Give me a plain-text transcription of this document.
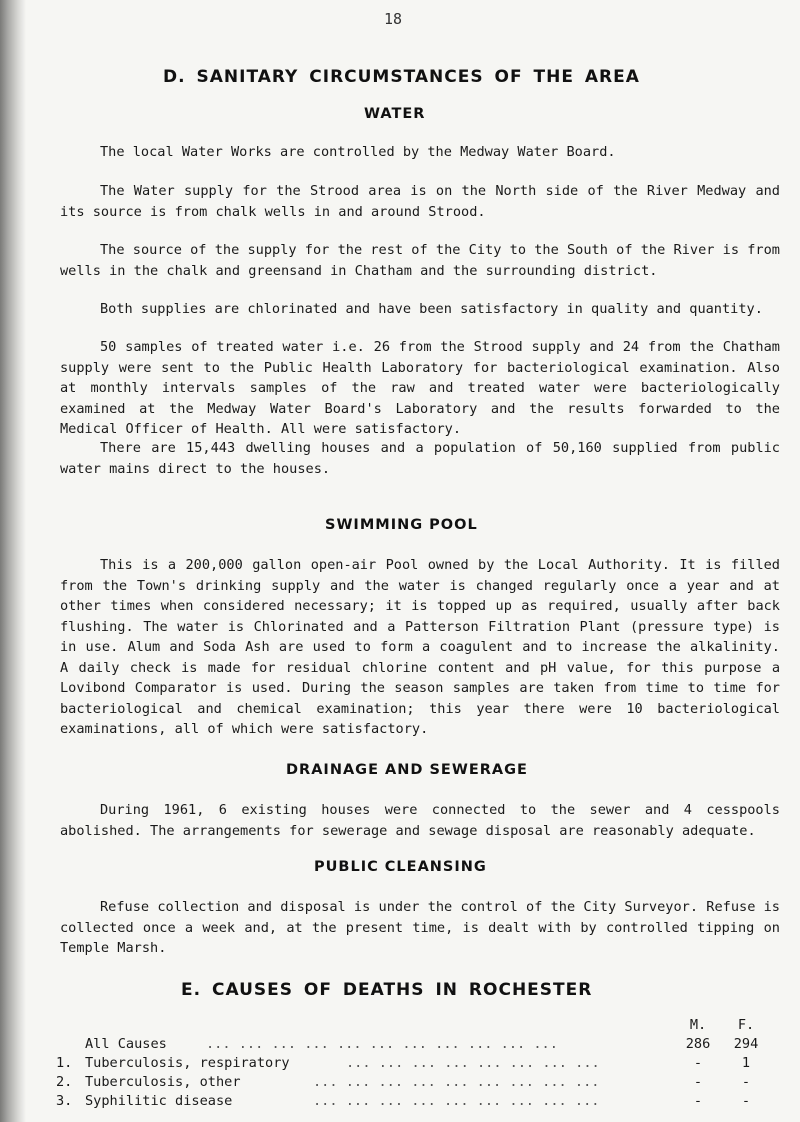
18
D. SANITARY CIRCUMSTANCES OF THE AREA
WATER

The local Water Works are controlled by the Medway Water Board.

The Water supply for the Strood area is on the North side of the River Medway and its source is from chalk wells in and around Strood.

The source of the supply for the rest of the City to the South of the River is from wells in the chalk and greensand in Chatham and the surrounding district.

Both supplies are chlorinated and have been satisfactory in quality and quantity.

50 samples of treated water i.e. 26 from the Strood supply and 24 from the Chatham supply were sent to the Public Health Laboratory for bacteriological examination. Also at monthly intervals samples of the raw and treated water were bacteriologically examined at the Medway Water Board's Laboratory and the results forwarded to the Medical Officer of Health. All were satisfactory.

There are 15,443 dwelling houses and a population of 50,160 supplied from public water mains direct to the houses.

SWIMMING POOL

This is a 200,000 gallon open-air Pool owned by the Local Authority. It is filled from the Town's drinking supply and the water is changed regularly once a year and at other times when considered necessary; it is topped up as required, usually after back flushing. The water is Chlorinated and a Patterson Filtration Plant (pressure type) is in use. Alum and Soda Ash are used to form a coagulent and to increase the alkalinity. A daily check is made for residual chlorine content and pH value, for this purpose a Lovibond Comparator is used. During the season samples are taken from time to time for bacteriological and chemical examination; this year there were 10 bacteriological examinations, all of which were satisfactory.

DRAINAGE AND SEWERAGE

During 1961, 6 existing houses were connected to the sewer and 4 cesspools abolished. The arrangements for sewerage and sewage disposal are reasonably adequate.

PUBLIC CLEANSING

Refuse collection and disposal is under the control of the City Surveyor. Refuse is collected once a week and, at the present time, is dealt with by controlled tipping on Temple Marsh.

E. CAUSES OF DEATHS IN ROCHESTER
M.	F.
All Causes	... ... ... ... ... ... ... ... ... ... ...	286	294
1. Tuberculosis, respiratory	... ... ... ... ... ... ... ...	-	1
2. Tuberculosis, other	... ... ... ... ... ... ... ... ...	-	-
3. Syphilitic disease	... ... ... ... ... ... ... ... ...	-	-
